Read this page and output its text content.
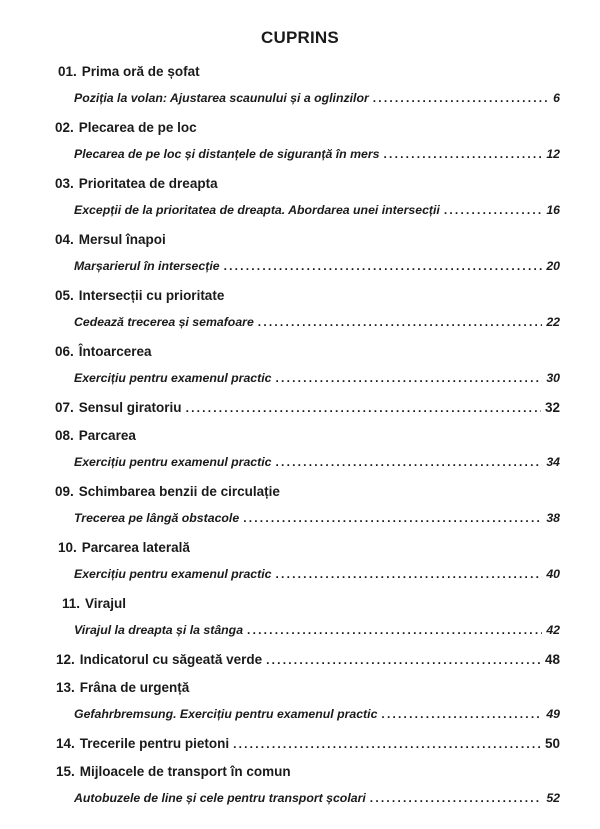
CUPRINS
01. Prima oră de șofat
Poziția la volan: Ajustarea scaunului și a oglinzilor .....	6
02. Plecarea de pe loc
Plecarea de pe loc și distanțele de siguranță în mers .....	12
03. Prioritatea de dreapta
Excepții de la prioritatea de dreapta. Abordarea unei intersecții .....	16
04. Mersul înapoi
Marșarierul în intersecție .....	20
05. Intersecții cu prioritate
Cedează trecerea și semafoare .....	22
06. Întoarcerea
Exercițiu pentru examenul practic .....	30
07. Sensul giratoriu .....	32
08. Parcarea
Exercițiu pentru examenul practic .....	34
09. Schimbarea benzii de circulație
Trecerea pe lângă obstacole .....	38
10. Parcarea laterală
Exercițiu pentru examenul practic .....	40
11. Virajul
Virajul la dreapta și la stânga .....	42
12. Indicatorul cu săgeată verde .....	48
13. Frâna de urgență
Gefahrbremsung. Exercițiu pentru examenul practic .....	49
14. Trecerile pentru pietoni .....	50
15. Mijloacele de transport în comun
Autobuzele de line și cele pentru transport școlari .....	52
